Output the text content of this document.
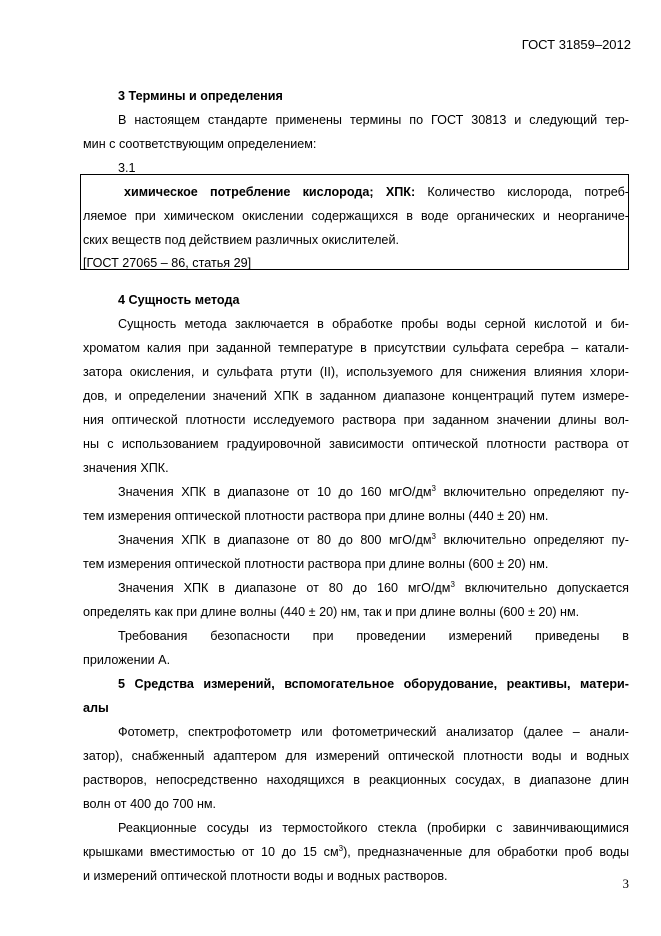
ГОСТ 31859–2012
3 Термины и определения
В настоящем стандарте применены термины по ГОСТ 30813 и следующий тер-
мин с соответствующим определением:
3.1
химическое потребление кислорода; ХПК: Количество кислорода, потреб-
ляемое при химическом окислении содержащихся в воде органических и неорганиче-
ских веществ под действием различных окислителей.
[ГОСТ 27065 – 86, статья 29]
4 Сущность метода
Сущность метода заключается в обработке пробы воды серной кислотой и би-
хроматом калия при заданной температуре в присутствии сульфата серебра – катали-
затора окисления, и сульфата ртути (II), используемого для снижения влияния хлори-
дов, и определении значений ХПК в заданном диапазоне концентраций путем измере-
ния оптической плотности исследуемого раствора при заданном значении длины вол-
ны с использованием градуировочной зависимости оптической плотности раствора от
значения ХПК.
Значения ХПК в диапазоне от 10 до 160 мгО/$дм^3$ включительно определяют пу-
тем измерения оптической плотности раствора при длине волны (440 ± 20) нм.
Значения ХПК в диапазоне от 80 до 800 мгО/$дм^3$ включительно определяют пу-
тем измерения оптической плотности раствора при длине волны (600 ± 20) нм.
Значения ХПК в диапазоне от 80 до 160 мгО/$дм^3$ включительно допускается
определять как при длине волны (440 ± 20) нм, так и при длине волны (600 ± 20) нм.
Требования безопасности при проведении измерений приведены в
приложении А.
5 Средства измерений, вспомогательное оборудование, реактивы, матери-
алы
Фотометр, спектрофотометр или фотометрический анализатор (далее – анали-
затор), снабженный адаптером для измерений оптической плотности воды и водных
растворов, непосредственно находящихся в реакционных сосудах, в диапазоне длин
волн от 400 до 700 нм.
Реакционные сосуды из термостойкого стекла (пробирки с завинчивающимися
крышками вместимостью от 10 до 15 $см^3$), предназначенные для обработки проб воды
и измерений оптической плотности воды и водных растворов.	3
